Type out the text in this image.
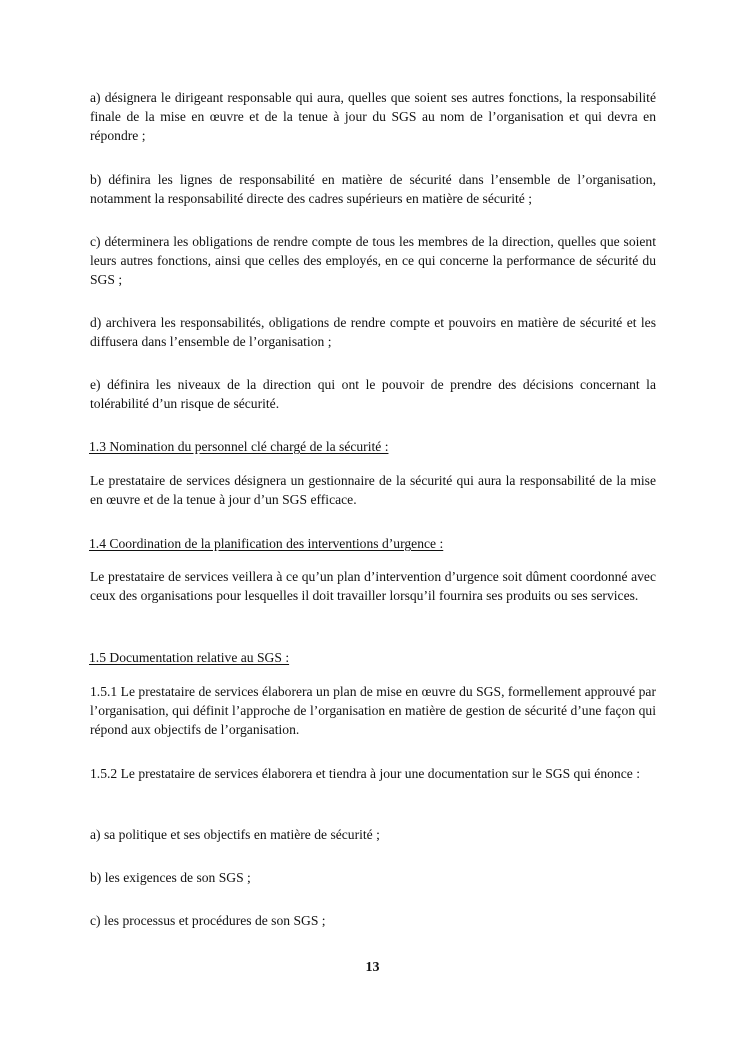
a) désignera le dirigeant responsable qui aura, quelles que soient ses autres fonctions, la responsabilité finale de la mise en œuvre et de la tenue à jour du SGS au nom de l’organisation et qui devra en répondre ;

b) définira les lignes de responsabilité en matière de sécurité dans l’ensemble de l’organisation, notamment la responsabilité directe des cadres supérieurs en matière de sécurité ;

c) déterminera les obligations de rendre compte de tous les membres de la direction, quelles que soient leurs autres fonctions, ainsi que celles des employés, en ce qui concerne la performance de sécurité du SGS ;

d) archivera les responsabilités, obligations de rendre compte et pouvoirs en matière de sécurité et les diffusera dans l’ensemble de l’organisation ;

e) définira les niveaux de la direction qui ont le pouvoir de prendre des décisions concernant la tolérabilité d’un risque de sécurité.

1.3 Nomination du personnel clé chargé de la sécurité :

Le prestataire de services désignera un gestionnaire de la sécurité qui aura la responsabilité de la mise en œuvre et de la tenue à jour d’un SGS efficace.

1.4 Coordination de la planification des interventions d’urgence :

Le prestataire de services veillera à ce qu’un plan d’intervention d’urgence soit dûment coordonné avec ceux des organisations pour lesquelles il doit travailler lorsqu’il fournira ses produits ou ses services.

1.5 Documentation relative au SGS :

1.5.1 Le prestataire de services élaborera un plan de mise en œuvre du SGS, formellement approuvé par l’organisation, qui définit l’approche de l’organisation en matière de gestion de sécurité d’une façon qui répond aux objectifs de l’organisation.

1.5.2 Le prestataire de services élaborera et tiendra à jour une documentation sur le SGS qui énonce :

a) sa politique et ses objectifs en matière de sécurité ;

b) les exigences de son SGS ;

c) les processus et procédures de son SGS ;

13
